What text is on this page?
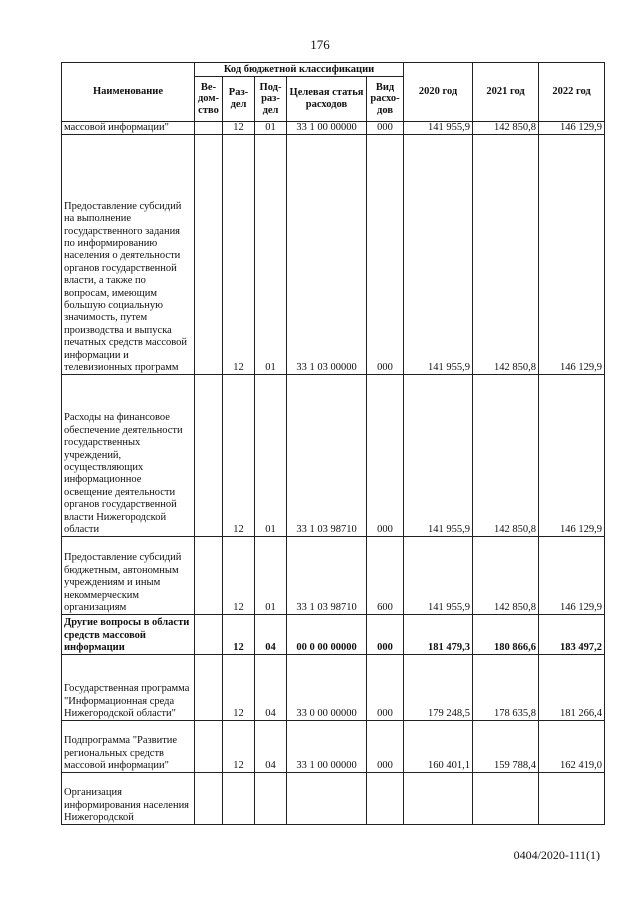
176
Наименование	Код бюджетной классификации					2020 год	2021 год	2022 год
	Ве-дом-ство	Раз-дел	Под-раз-дел	Целевая статья расходов	Вид расхо-дов			
массовой информации"		12	01	33 1 00 00000	000	141 955,9	142 850,8	146 129,9
Предоставление субсидий на выполнение государственного задания по информированию населения о деятельности органов государственной власти, а также по вопросам, имеющим большую социальную значимость, путем производства и выпуска печатных средств массовой информации и телевизионных программ		12	01	33 1 03 00000	000	141 955,9	142 850,8	146 129,9
Расходы на финансовое обеспечение деятельности государственных учреждений, осуществляющих информационное освещение деятельности органов государственной власти Нижегородской области		12	01	33 1 03 98710	000	141 955,9	142 850,8	146 129,9
Предоставление субсидий бюджетным, автономным учреждениям и иным некоммерческим организациям		12	01	33 1 03 98710	600	141 955,9	142 850,8	146 129,9
Другие вопросы в области средств массовой информации		12	04	00 0 00 00000	000	181 479,3	180 866,6	183 497,2
Государственная программа "Информационная среда Нижегородской области"		12	04	33 0 00 00000	000	179 248,5	178 635,8	181 266,4
Подпрограмма "Развитие региональных средств массовой информации"		12	04	33 1 00 00000	000	160 401,1	159 788,4	162 419,0
Организация информирования населения Нижегородской								
0404/2020-111(1)
